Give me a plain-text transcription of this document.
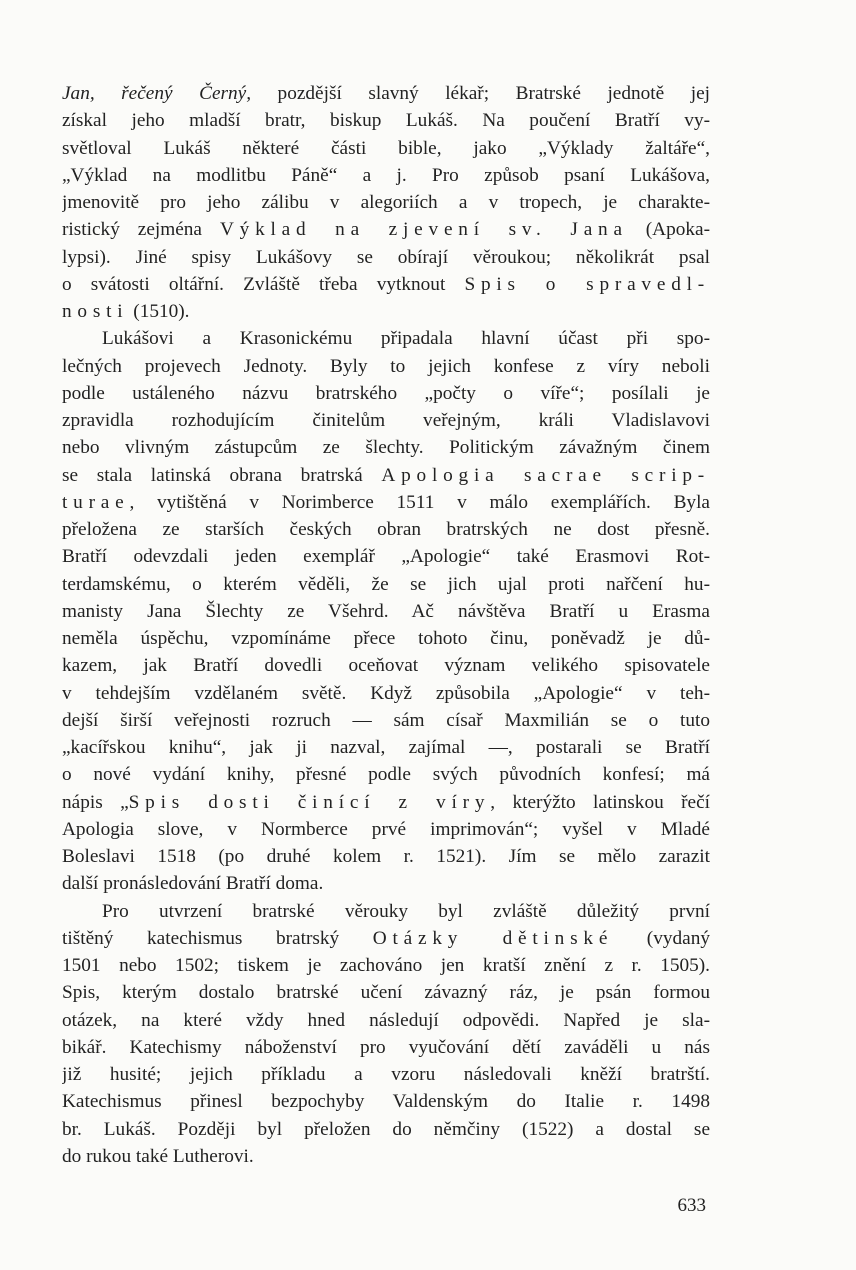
Jan, řečený Černý, pozdější slavný lékař; Bratrské jednotě jej
získal jeho mladší bratr, biskup Lukáš. Na poučení Bratří vy-
světloval Lukáš některé části bible, jako „Výklady žaltáře“,
„Výklad na modlitbu Páně“ a j. Pro způsob psaní Lukášova,
jmenovitě pro jeho zálibu v alegoriích a v tropech, je charakte-
ristický zejména Výklad na zjevení sv. Jana (Apoka-
lypsi). Jiné spisy Lukášovy se obírají věroukou; několikrát psal
o svátosti oltářní. Zvláště třeba vytknout Spis o spravedl-
nosti (1510).
Lukášovi a Krasonickému připadala hlavní účast při spo-
lečných projevech Jednoty. Byly to jejich konfese z víry neboli
podle ustáleného názvu bratrského „počty o víře“; posílali je
zpravidla rozhodujícím činitelům veřejným, králi Vladislavovi
nebo vlivným zástupcům ze šlechty. Politickým závažným činem
se stala latinská obrana bratrská Apologia sacrae scrip-
turae, vytištěná v Norimberce 1511 v málo exemplářích. Byla
přeložena ze starších českých obran bratrských ne dost přesně.
Bratří odevzdali jeden exemplář „Apologie“ také Erasmovi Rot-
terdamskému, o kterém věděli, že se jich ujal proti nařčení hu-
manisty Jana Šlechty ze Všehrd. Ač návštěva Bratří u Erasma
neměla úspěchu, vzpomínáme přece tohoto činu, poněvadž je dů-
kazem, jak Bratří dovedli oceňovat význam velikého spisovatele
v tehdejším vzdělaném světě. Když způsobila „Apologie“ v teh-
dejší širší veřejnosti rozruch — sám císař Maxmilián se o tuto
„kacířskou knihu“, jak ji nazval, zajímal —, postarali se Bratří
o nové vydání knihy, přesné podle svých původních konfesí; má
nápis „Spis dosti činící z víry, kterýžto latinskou řečí
Apologia slove, v Normberce prvé imprimován“; vyšel v Mladé
Boleslavi 1518 (po druhé kolem r. 1521). Jím se mělo zarazit
další pronásledování Bratří doma.
Pro utvrzení bratrské věrouky byl zvláště důležitý první
tištěný katechismus bratrský Otázky dětinské (vydaný
1501 nebo 1502; tiskem je zachováno jen kratší znění z r. 1505).
Spis, kterým dostalo bratrské učení závazný ráz, je psán formou
otázek, na které vždy hned následují odpovědi. Napřed je sla-
bikář. Katechismy náboženství pro vyučování dětí zaváděli u nás
již husité; jejich příkladu a vzoru následovali kněží bratrští.
Katechismus přinesl bezpochyby Valdenským do Italie r. 1498
br. Lukáš. Později byl přeložen do němčiny (1522) a dostal se
do rukou také Lutherovi.
633
